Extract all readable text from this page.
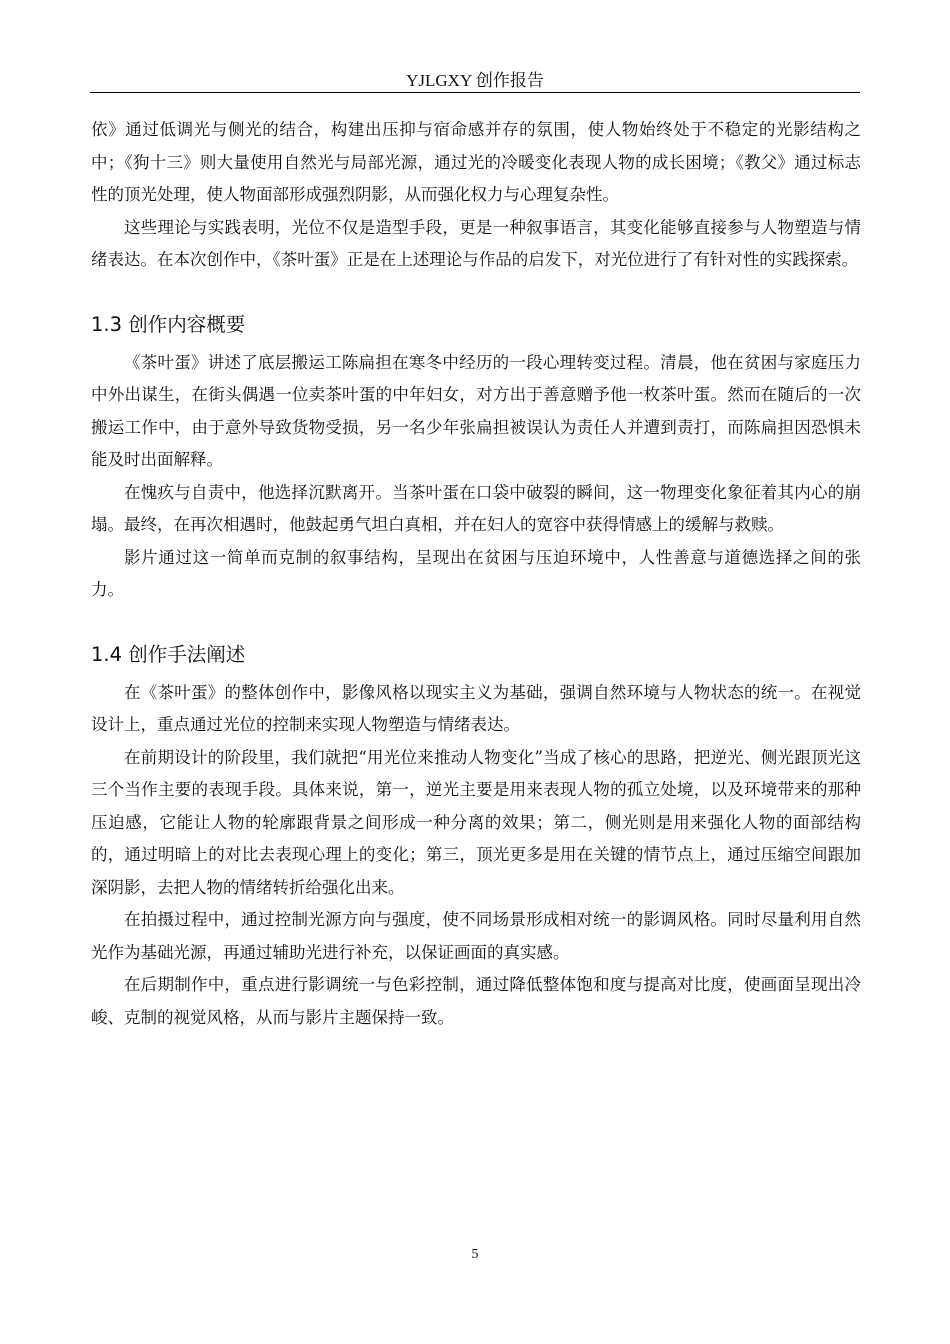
YJLGXY 创作报告

依》通过低调光与侧光的结合，构建出压抑与宿命感并存的氛围，使人物始终处于不稳定的光影结构之中；《狗十三》则大量使用自然光与局部光源，通过光的冷暖变化表现人物的成长困境；《教父》通过标志性的顶光处理，使人物面部形成强烈阴影，从而强化权力与心理复杂性。

这些理论与实践表明，光位不仅是造型手段，更是一种叙事语言，其变化能够直接参与人物塑造与情绪表达。在本次创作中，《茶叶蛋》正是在上述理论与作品的启发下，对光位进行了有针对性的实践探索。

1.3 创作内容概要

《茶叶蛋》讲述了底层搬运工陈扁担在寒冬中经历的一段心理转变过程。清晨，他在贫困与家庭压力中外出谋生，在街头偶遇一位卖茶叶蛋的中年妇女，对方出于善意赠予他一枚茶叶蛋。然而在随后的一次搬运工作中，由于意外导致货物受损，另一名少年张扁担被误认为责任人并遭到责打，而陈扁担因恐惧未能及时出面解释。

在愧疚与自责中，他选择沉默离开。当茶叶蛋在口袋中破裂的瞬间，这一物理变化象征着其内心的崩塌。最终，在再次相遇时，他鼓起勇气坦白真相，并在妇人的宽容中获得情感上的缓解与救赎。

影片通过这一简单而克制的叙事结构，呈现出在贫困与压迫环境中，人性善意与道德选择之间的张力。

1.4 创作手法阐述

在《茶叶蛋》的整体创作中，影像风格以现实主义为基础，强调自然环境与人物状态的统一。在视觉设计上，重点通过光位的控制来实现人物塑造与情绪表达。

在前期设计的阶段里，我们就把“用光位来推动人物变化”当成了核心的思路，把逆光、侧光跟顶光这三个当作主要的表现手段。具体来说，第一，逆光主要是用来表现人物的孤立处境，以及环境带来的那种压迫感，它能让人物的轮廓跟背景之间形成一种分离的效果；第二，侧光则是用来强化人物的面部结构的，通过明暗上的对比去表现心理上的变化；第三，顶光更多是用在关键的情节点上，通过压缩空间跟加深阴影，去把人物的情绪转折给强化出来。

在拍摄过程中，通过控制光源方向与强度，使不同场景形成相对统一的影调风格。同时尽量利用自然光作为基础光源，再通过辅助光进行补充，以保证画面的真实感。

在后期制作中，重点进行影调统一与色彩控制，通过降低整体饱和度与提高对比度，使画面呈现出冷峻、克制的视觉风格，从而与影片主题保持一致。

5
